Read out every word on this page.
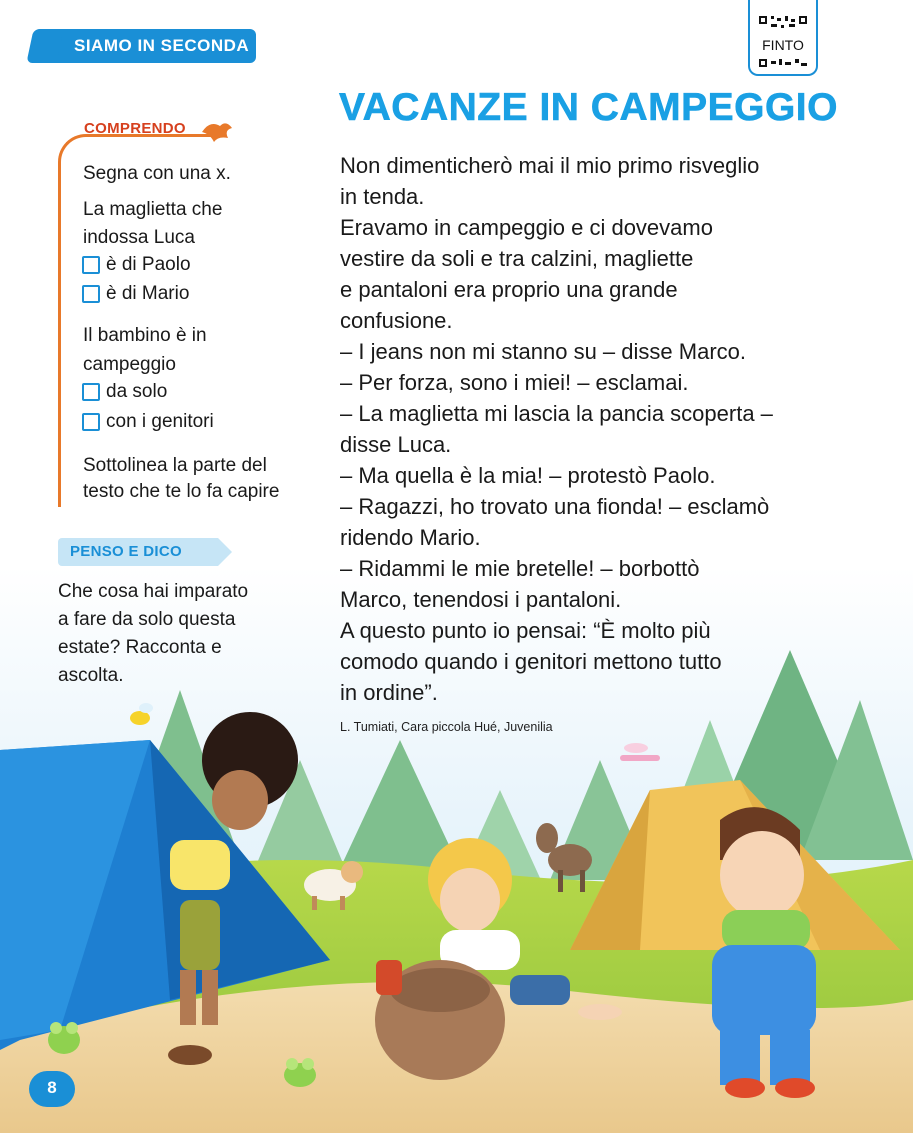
SIAMO IN SECONDA	FINTO
VACANZE IN CAMPEGGIO
Non dimenticherò mai il mio primo risveglio
in tenda.
Eravamo in campeggio e ci dovevamo
vestire da soli e tra calzini, magliette
e pantaloni era proprio una grande
confusione.
– I jeans non mi stanno su – disse Marco.
– Per forza, sono i miei! – esclamai.
– La maglietta mi lascia la pancia scoperta –
disse Luca.
– Ma quella è la mia! – protestò Paolo.
– Ragazzi, ho trovato una fionda! – esclamò
ridendo Mario.
– Ridammi le mie bretelle! – borbottò
Marco, tenendosi i pantaloni.
A questo punto io pensai: “È molto più
comodo quando i genitori mettono tutto
in ordine”.
L. Tumiati, Cara piccola Hué, Juvenilia
COMPRENDO
Segna con una x.
La maglietta che
indossa Luca
è di Paolo
è di Mario
Il bambino è in
campeggio
da solo
con i genitori
Sottolinea la parte del
testo che te lo fa capire
PENSO E DICO
Che cosa hai imparato
a fare da solo questa
estate? Racconta e
ascolta.
8
